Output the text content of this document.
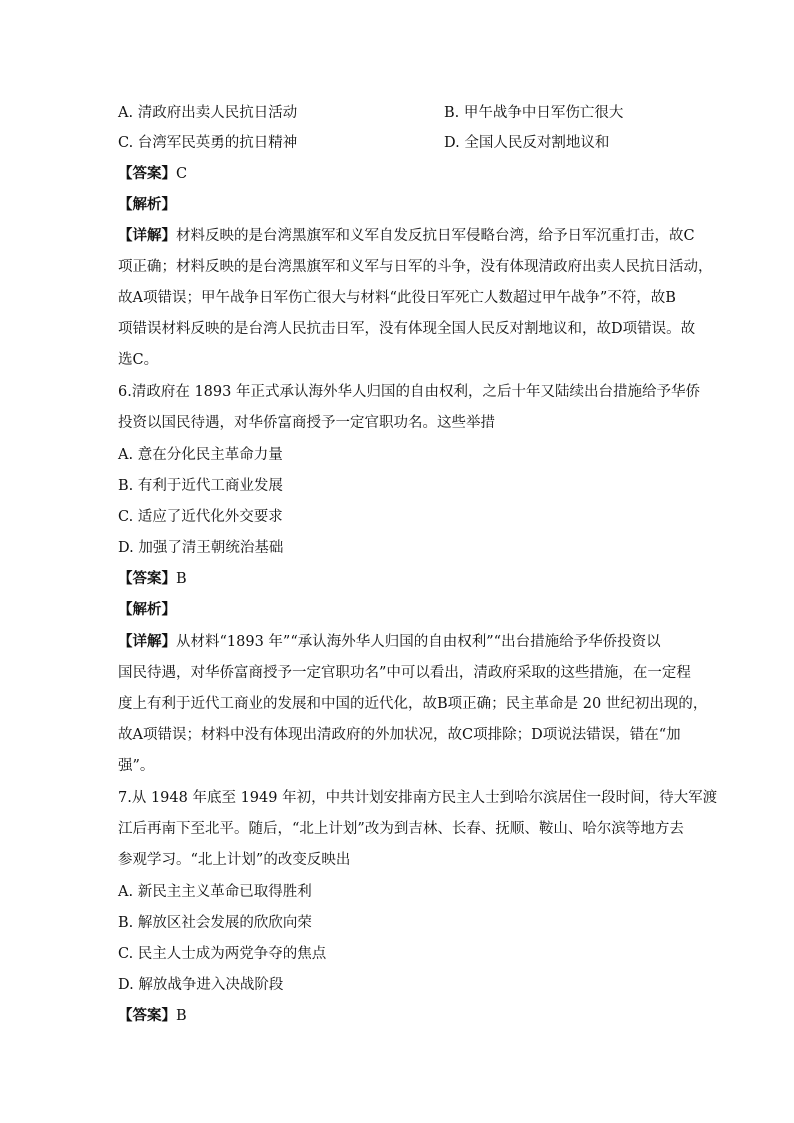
A. 清政府出卖人民抗日活动	B. 甲午战争中日军伤亡很大
C. 台湾军民英勇的抗日精神	D. 全国人民反对割地议和
【答案】C
【解析】
【详解】材料反映的是台湾黑旗军和义军自发反抗日军侵略台湾，给予日军沉重打击，故C
项正确；材料反映的是台湾黑旗军和义军与日军的斗争，没有体现清政府出卖人民抗日活动，
故A项错误；甲午战争日军伤亡很大与材料“此役日军死亡人数超过甲午战争”不符，故B
项错误材料反映的是台湾人民抗击日军，没有体现全国人民反对割地议和，故D项错误。故
选C。
6.清政府在 1893 年正式承认海外华人归国的自由权利，之后十年又陆续出台措施给予华侨
投资以国民待遇，对华侨富商授予一定官职功名。这些举措
A. 意在分化民主革命力量
B. 有利于近代工商业发展
C. 适应了近代化外交要求
D. 加强了清王朝统治基础
【答案】B
【解析】
【详解】从材料“1893 年”“承认海外华人归国的自由权利”“出台措施给予华侨投资以
国民待遇，对华侨富商授予一定官职功名”中可以看出，清政府采取的这些措施，在一定程
度上有利于近代工商业的发展和中国的近代化，故B项正确；民主革命是 20 世纪初出现的，
故A项错误；材料中没有体现出清政府的外加状况，故C项排除；D项说法错误，错在“加
强”。
7.从 1948 年底至 1949 年初，中共计划安排南方民主人士到哈尔滨居住一段时间，待大军渡
江后再南下至北平。随后，“北上计划”改为到吉林、长春、抚顺、鞍山、哈尔滨等地方去
参观学习。“北上计划”的改变反映出
A. 新民主主义革命已取得胜利
B. 解放区社会发展的欣欣向荣
C. 民主人士成为两党争夺的焦点
D. 解放战争进入决战阶段
【答案】B
